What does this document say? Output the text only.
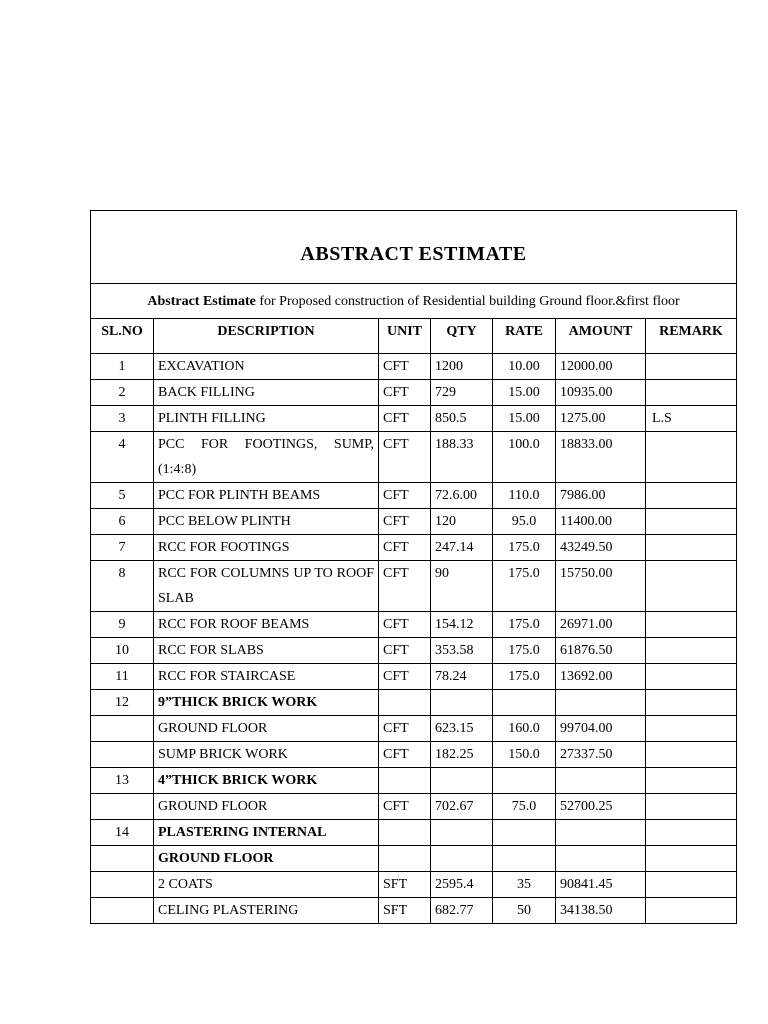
ABSTRACT ESTIMATE						
Abstract Estimate for Proposed construction of Residential building Ground floor.&first floor						
SL.NO	DESCRIPTION	UNIT	QTY	RATE	AMOUNT	REMARK
1	EXCAVATION	CFT	1200	10.00	12000.00	
2	BACK FILLING	CFT	729	15.00	10935.00	
3	PLINTH FILLING	CFT	850.5	15.00	1275.00	L.S
4	PCC FOR FOOTINGS, SUMP, (1:4:8)	CFT	188.33	100.0	18833.00	
5	PCC FOR PLINTH BEAMS	CFT	72.6.00	110.0	7986.00	
6	PCC BELOW PLINTH	CFT	120	95.0	11400.00	
7	RCC FOR FOOTINGS	CFT	247.14	175.0	43249.50	
8	RCC FOR COLUMNS UP TO ROOF SLAB	CFT	90	175.0	15750.00	
9	RCC FOR ROOF BEAMS	CFT	154.12	175.0	26971.00	
10	RCC FOR SLABS	CFT	353.58	175.0	61876.50	
11	RCC FOR STAIRCASE	CFT	78.24	175.0	13692.00	
12	9”THICK BRICK WORK					
	GROUND FLOOR	CFT	623.15	160.0	99704.00	
	SUMP BRICK WORK	CFT	182.25	150.0	27337.50	
13	4”THICK BRICK WORK					
	GROUND FLOOR	CFT	702.67	75.0	52700.25	
14	PLASTERING INTERNAL					
	GROUND FLOOR					
	2 COATS	SFT	2595.4	35	90841.45	
	CELING PLASTERING	SFT	682.77	50	34138.50	
